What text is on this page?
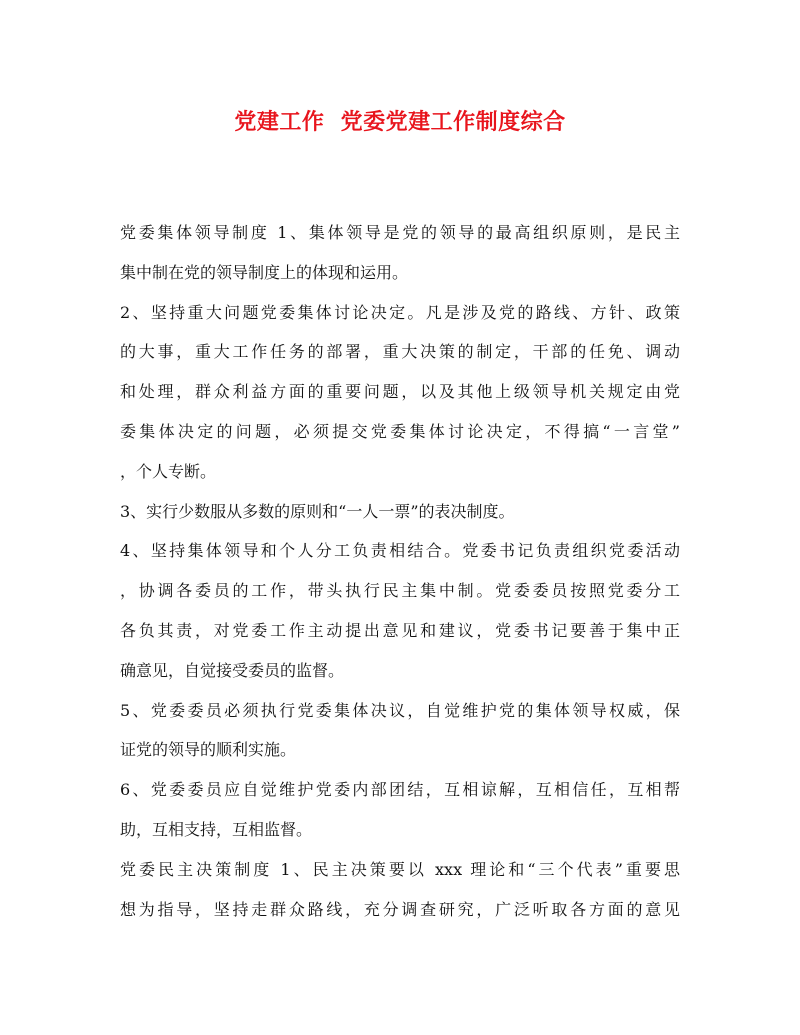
党建工作  党委党建工作制度综合
党委集体领导制度 1、集体领导是党的领导的最高组织原则，是民主
集中制在党的领导制度上的体现和运用。
2、坚持重大问题党委集体讨论决定。凡是涉及党的路线、方针、政策
的大事，重大工作任务的部署，重大决策的制定，干部的任免、调动
和处理，群众利益方面的重要问题，以及其他上级领导机关规定由党
委集体决定的问题，必须提交党委集体讨论决定，不得搞“一言堂”
，个人专断。
3、实行少数服从多数的原则和“一人一票”的表决制度。
4、坚持集体领导和个人分工负责相结合。党委书记负责组织党委活动
，协调各委员的工作，带头执行民主集中制。党委委员按照党委分工
各负其责，对党委工作主动提出意见和建议，党委书记要善于集中正
确意见，自觉接受委员的监督。
5、党委委员必须执行党委集体决议，自觉维护党的集体领导权威，保
证党的领导的顺利实施。
6、党委委员应自觉维护党委内部团结，互相谅解，互相信任，互相帮
助，互相支持，互相监督。
党委民主决策制度 1、民主决策要以 xxx 理论和“三个代表”重要思
想为指导，坚持走群众路线，充分调查研究，广泛听取各方面的意见
